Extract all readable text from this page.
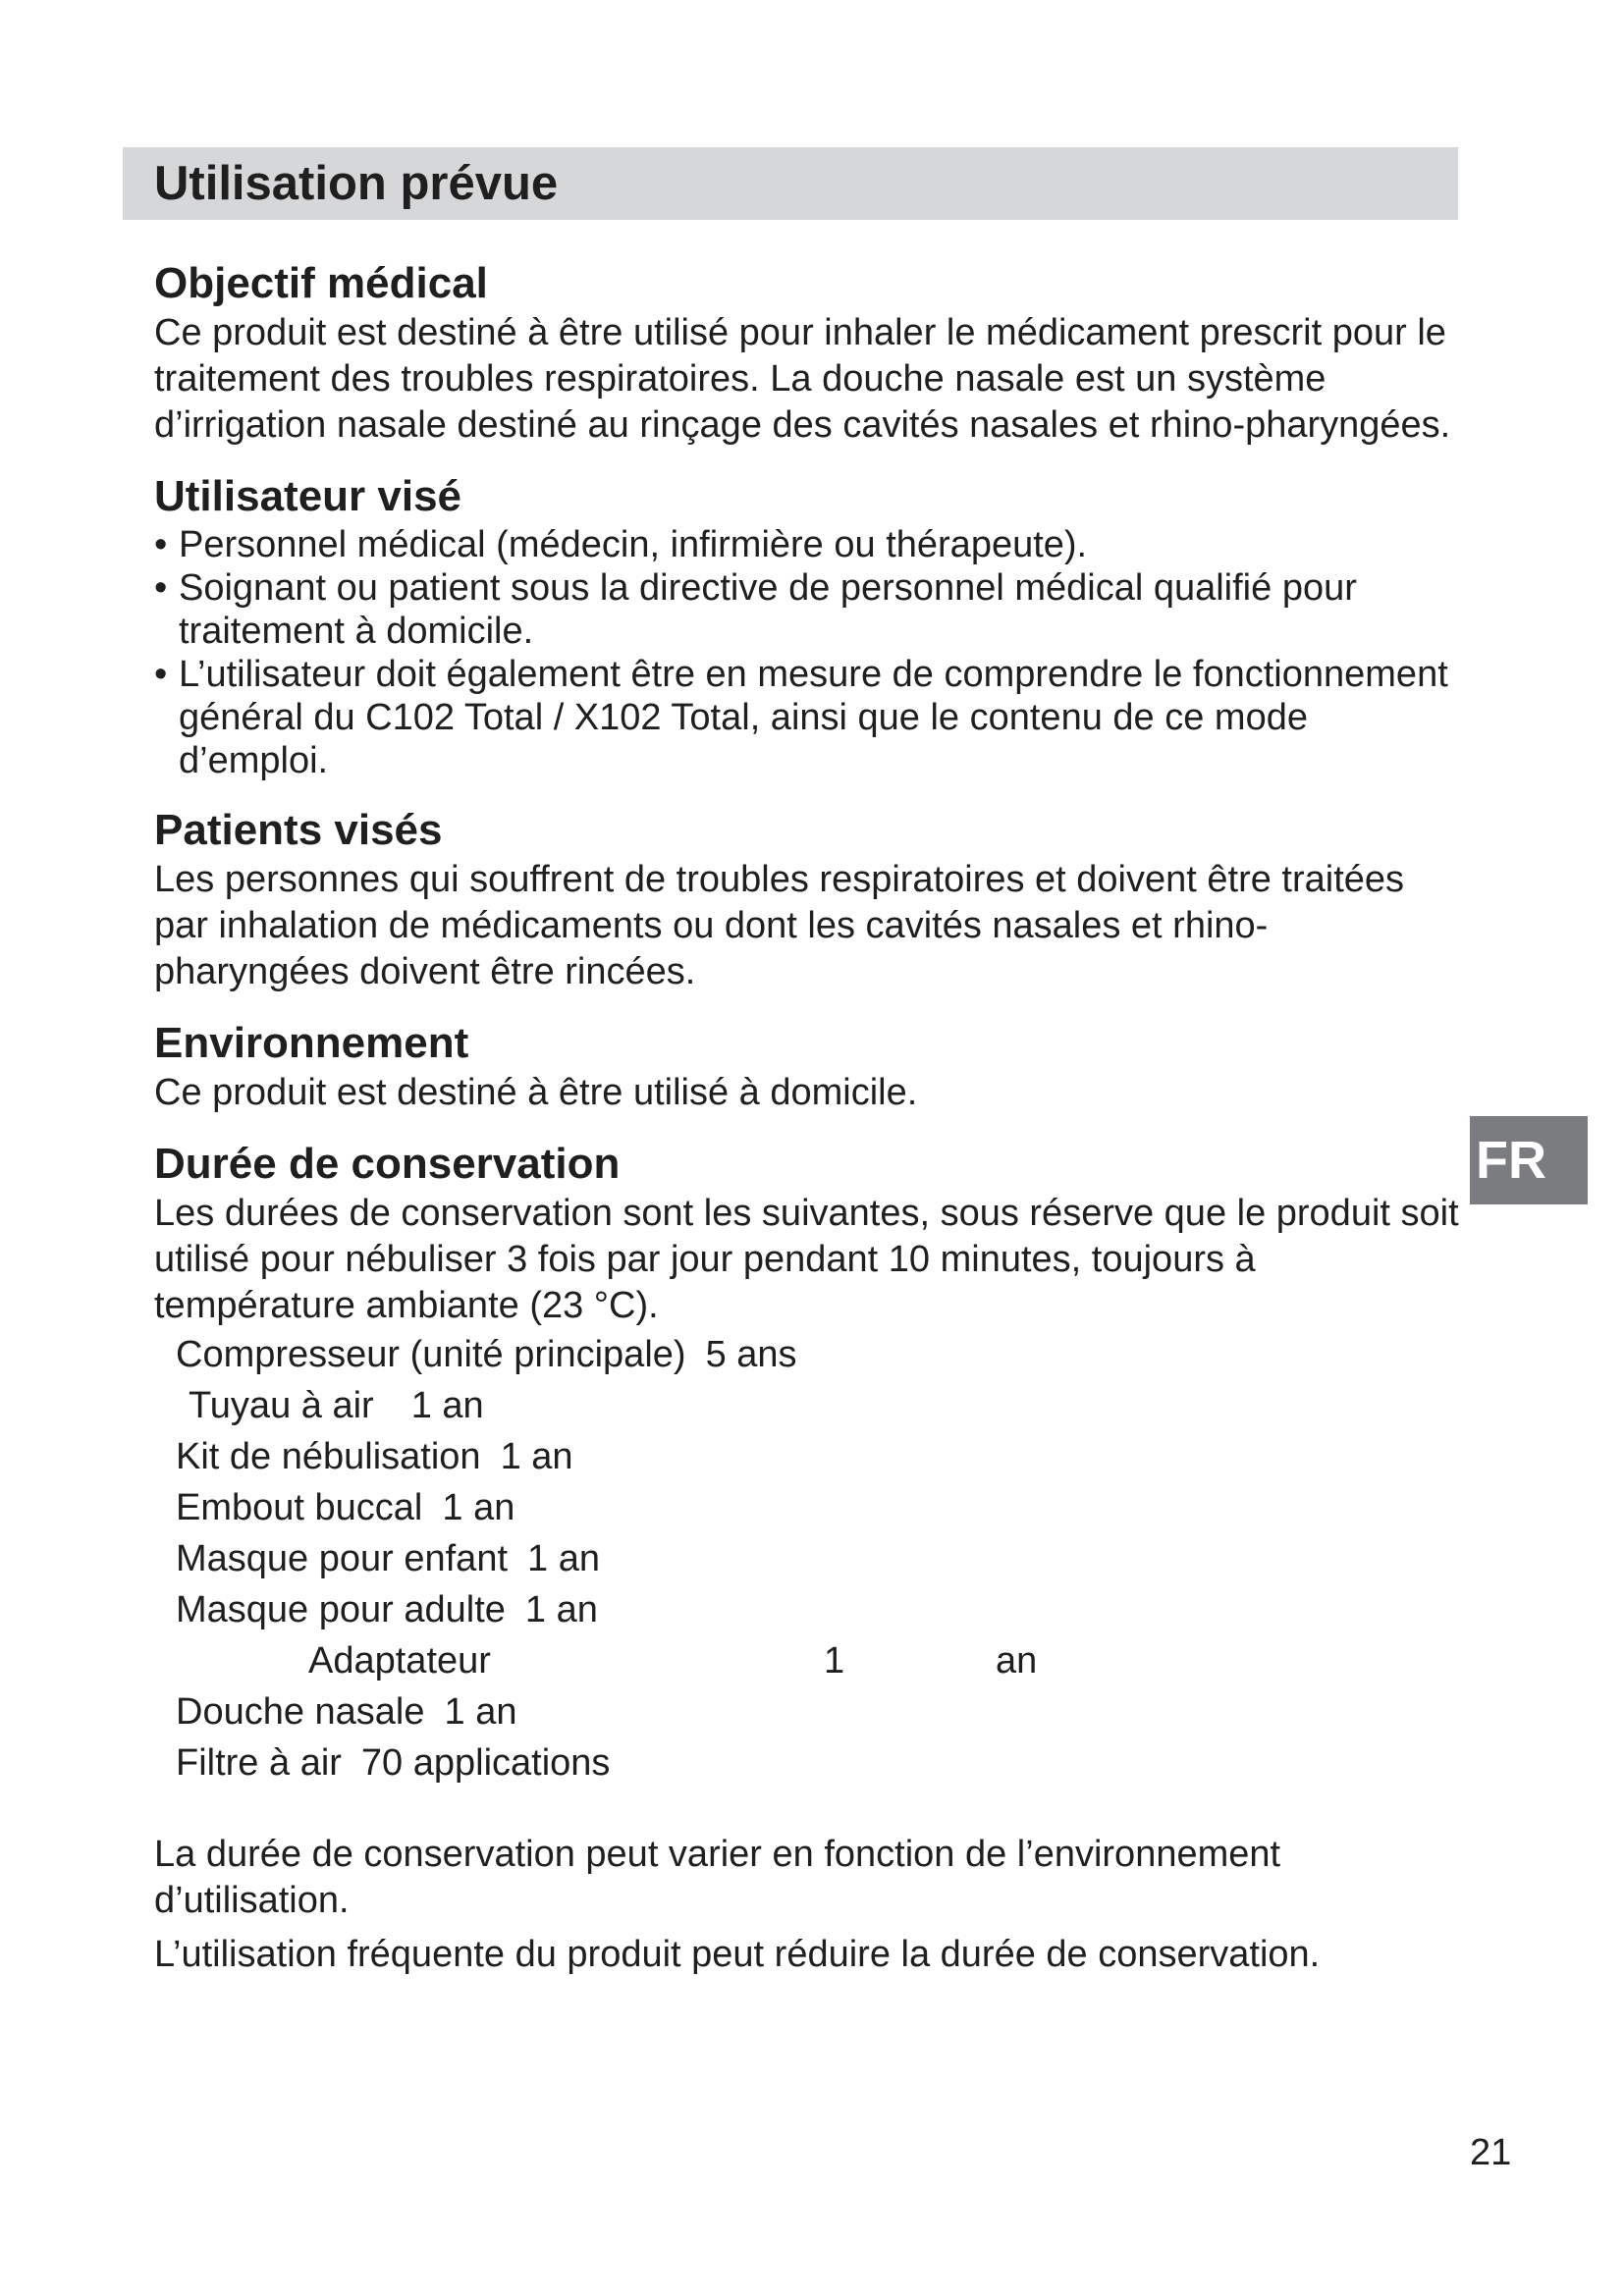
Utilisation prévue
Objectif médical

Ce produit est destiné à être utilisé pour inhaler le médicament prescrit pour le traitement des troubles respiratoires. La douche nasale est un système d’irrigation nasale destiné au rinçage des cavités nasales et rhino-pharyngées.

Utilisateur visé
• Personnel médical (médecin, infirmière ou thérapeute).
• Soignant ou patient sous la directive de personnel médical qualifié pour traitement à domicile.
• L’utilisateur doit également être en mesure de comprendre le fonctionnement général du C102 Total / X102 Total, ainsi que le contenu de ce mode d’emploi.
Patients visés

Les personnes qui souffrent de troubles respiratoires et doivent être traitées par inhalation de médicaments ou dont les cavités nasales et rhino-pharyngées doivent être rincées.

Environnement

Ce produit est destiné à être utilisé à domicile.

Durée de conservation

Les durées de conservation sont les suivantes, sous réserve que le produit soit utilisé pour nébuliser 3 fois par jour pendant 10 minutes, toujours à température ambiante (23 °C).

Compresseur (unité principale) 5 ans
Tuyau à air 1 an
Kit de nébulisation 1 an
Embout buccal 1 an
Masque pour enfant 1 an
Masque pour adulte 1 an
Adaptateur	1	an
Douche nasale 1 an
Filtre à air 70 applications

La durée de conservation peut varier en fonction de l’environnement d’utilisation.

L’utilisation fréquente du produit peut réduire la durée de conservation.

FR
21
